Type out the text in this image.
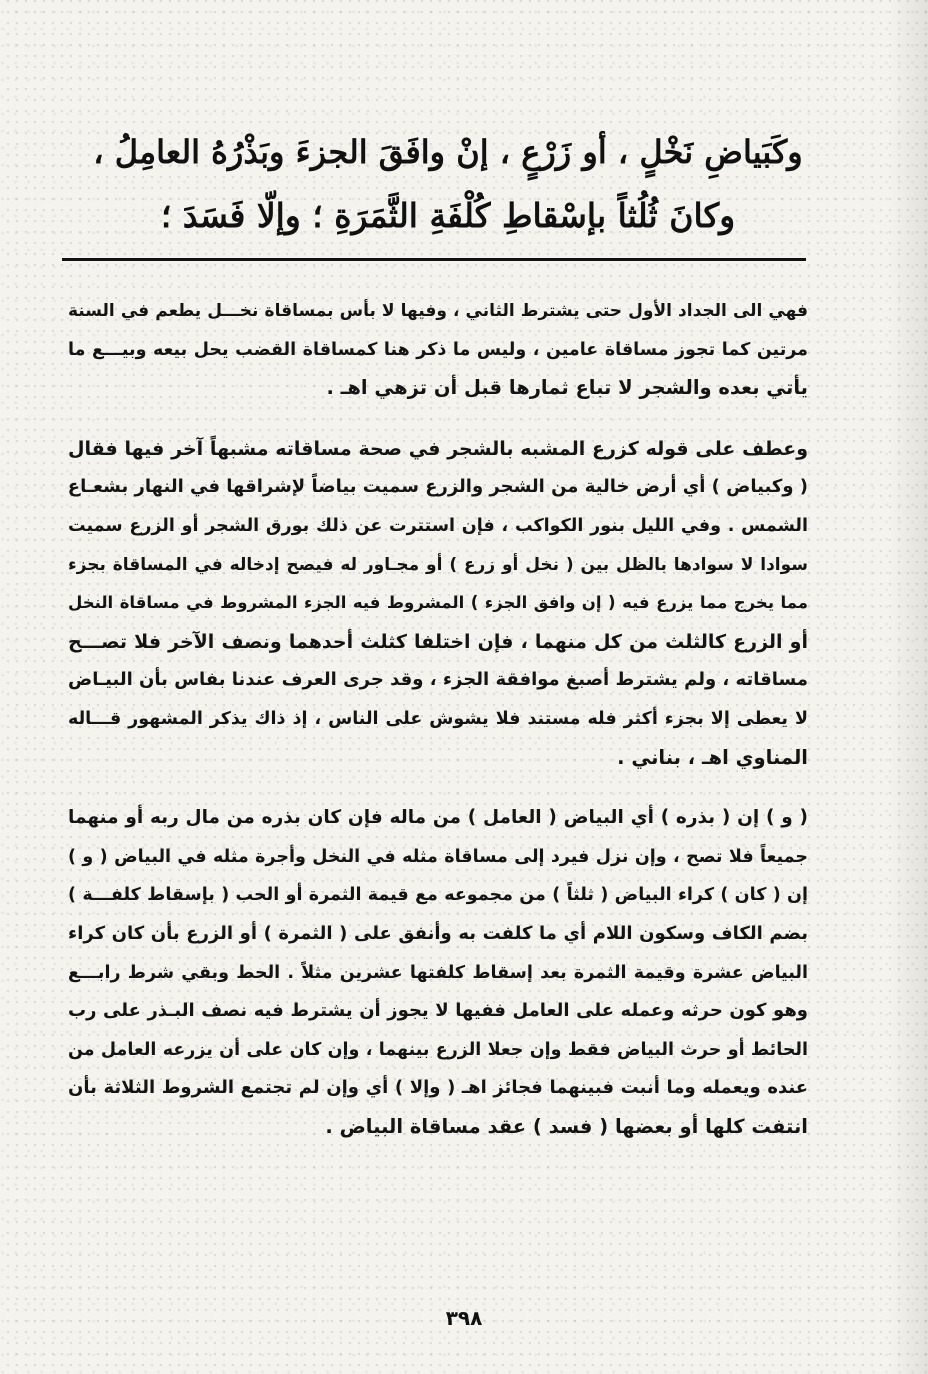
وكَبَياضِ نَخْلٍ ، أو زَرْعٍ ، إنْ وافَقَ الجزءَ وبَذْرُهُ العامِلُ ،
وكانَ ثُلُثاً بإسْقاطِ كُلْفَةِ الثَّمَرَةِ ؛ وإلّا فَسَدَ ؛
فهي الى الجداد الأول حتى يشترط الثاني ، وفيها لا بأس بمساقاة نخـــل يطعم في السنة
مرتين كما تجوز مساقاة عامين ، وليس ما ذكر هنا كمساقاة القضب يحل بيعه وبيـــع ما
يأتي بعده والشجر لا تباع ثمارها قبل أن تزهي اهـ .
وعطف على قوله كزرع المشبه بالشجر في صحة مساقاته مشبهاً آخر فيها فقال
( وكبياض ) أي أرض خالية من الشجر والزرع سميت بياضاً لإشراقها في النهار بشعـاع
الشمس . وفي الليل بنور الكواكب ، فإن استترت عن ذلك بورق الشجر أو الزرع سميت
سوادا لا سوادها بالظل بين ( نخل أو زرع ) أو مجـاور له فيصح إدخاله في المساقاة بجزء
مما يخرج مما يزرع فيه ( إن وافق الجزء ) المشروط فيه الجزء المشروط في مساقاة النخل
أو الزرع كالثلث من كل منهما ، فإن اختلفا كثلث أحدهما ونصف الآخر فلا تصـــح
مساقاته ، ولم يشترط أصبغ موافقة الجزء ، وقد جرى العرف عندنا بفاس بأن البيـاض
لا يعطى إلا بجزء أكثر فله مستند فلا يشوش على الناس ، إذ ذاك يذكر المشهور قـــاله
المناوي اهـ ، بناني .
( و ) إن ( بذره ) أي البياض ( العامل ) من ماله فإن كان بذره من مال ربه أو منهما
جميعاً فلا تصح ، وإن نزل فيرد إلى مساقاة مثله في النخل وأجرة مثله في البياض ( و )
إن ( كان ) كراء البياض ( ثلثاً ) من مجموعه مع قيمة الثمرة أو الحب ( بإسقاط كلفـــة )
بضم الكاف وسكون اللام أي ما كلفت به وأنفق على ( الثمرة ) أو الزرع بأن كان كراء
البياض عشرة وقيمة الثمرة بعد إسقاط كلفتها عشرين مثلاً . الحط وبقي شرط رابـــع
وهو كون حرثه وعمله على العامل ففيها لا يجوز أن يشترط فيه نصف البـذر على رب
الحائط أو حرث البياض فقط وإن جعلا الزرع بينهما ، وإن كان على أن يزرعه العامل من
عنده ويعمله وما أنبت فبينهما فجائز اهـ ( وإلا ) أي وإن لم تجتمع الشروط الثلاثة بأن
انتفت كلها أو بعضها ( فسد ) عقد مساقاة البياض .
٣٩٨
